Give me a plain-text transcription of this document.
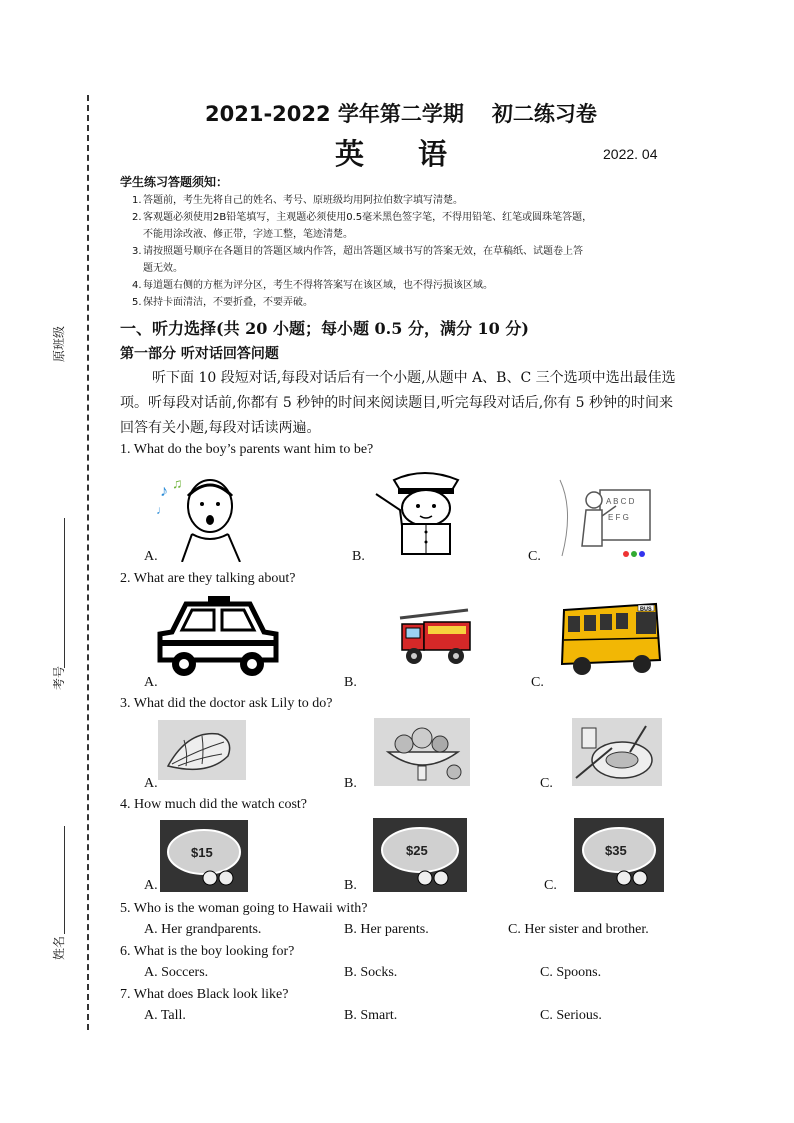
原班级
考号
姓名
2021-2022 学年第二学期 初二练习卷
英语	2022. 04
学生练习答题须知：
1.答题前，考生先将自己的姓名、考号、原班级均用阿拉伯数字填写清楚。
2.客观题必须使用2B铅笔填写，主观题必须使用0.5毫米黑色签字笔，不得用铅笔、红笔或圆珠笔答题，
不能用涂改液、修正带，字迹工整，笔迹清楚。
3.请按照题号顺序在各题目的答题区域内作答，超出答题区域书写的答案无效，在草稿纸、试题卷上答
题无效。
4.每道题右侧的方框为评分区，考生不得将答案写在该区域，也不得污损该区域。
5.保持卡面清洁，不要折叠，不要弄破。
一、听力选择(共 20 小题；每小题 0.5 分，满分 10 分)
第一部分 听对话回答问题
听下面 10 段短对话,每段对话后有一个小题,从题中 A、B、C 三个选项中选出最佳选项。听每段对话前,你都有 5 秒钟的时间来阅读题目,听完每段对话后,你有 5 秒钟的时间来回答有关小题,每段对话读两遍。
1. What do the boy’s parents want him to be?
♪ ♫
♩
A.	B.
A B C D
E F G
C.
2. What are they talking about?
A.	B.
BUS
C.
3. What did the doctor ask Lily to do?
A.	B.	C.
4. How much did the watch cost?
$15
A.
$25
B.
$35
C.
5. Who is the woman going to Hawaii with?
A. Her grandparents.	B. Her parents.	C. Her sister and brother.
6. What is the boy looking for?
A. Soccers.	B. Socks.	C. Spoons.
7. What does Black look like?
A. Tall.	B. Smart.	C. Serious.
